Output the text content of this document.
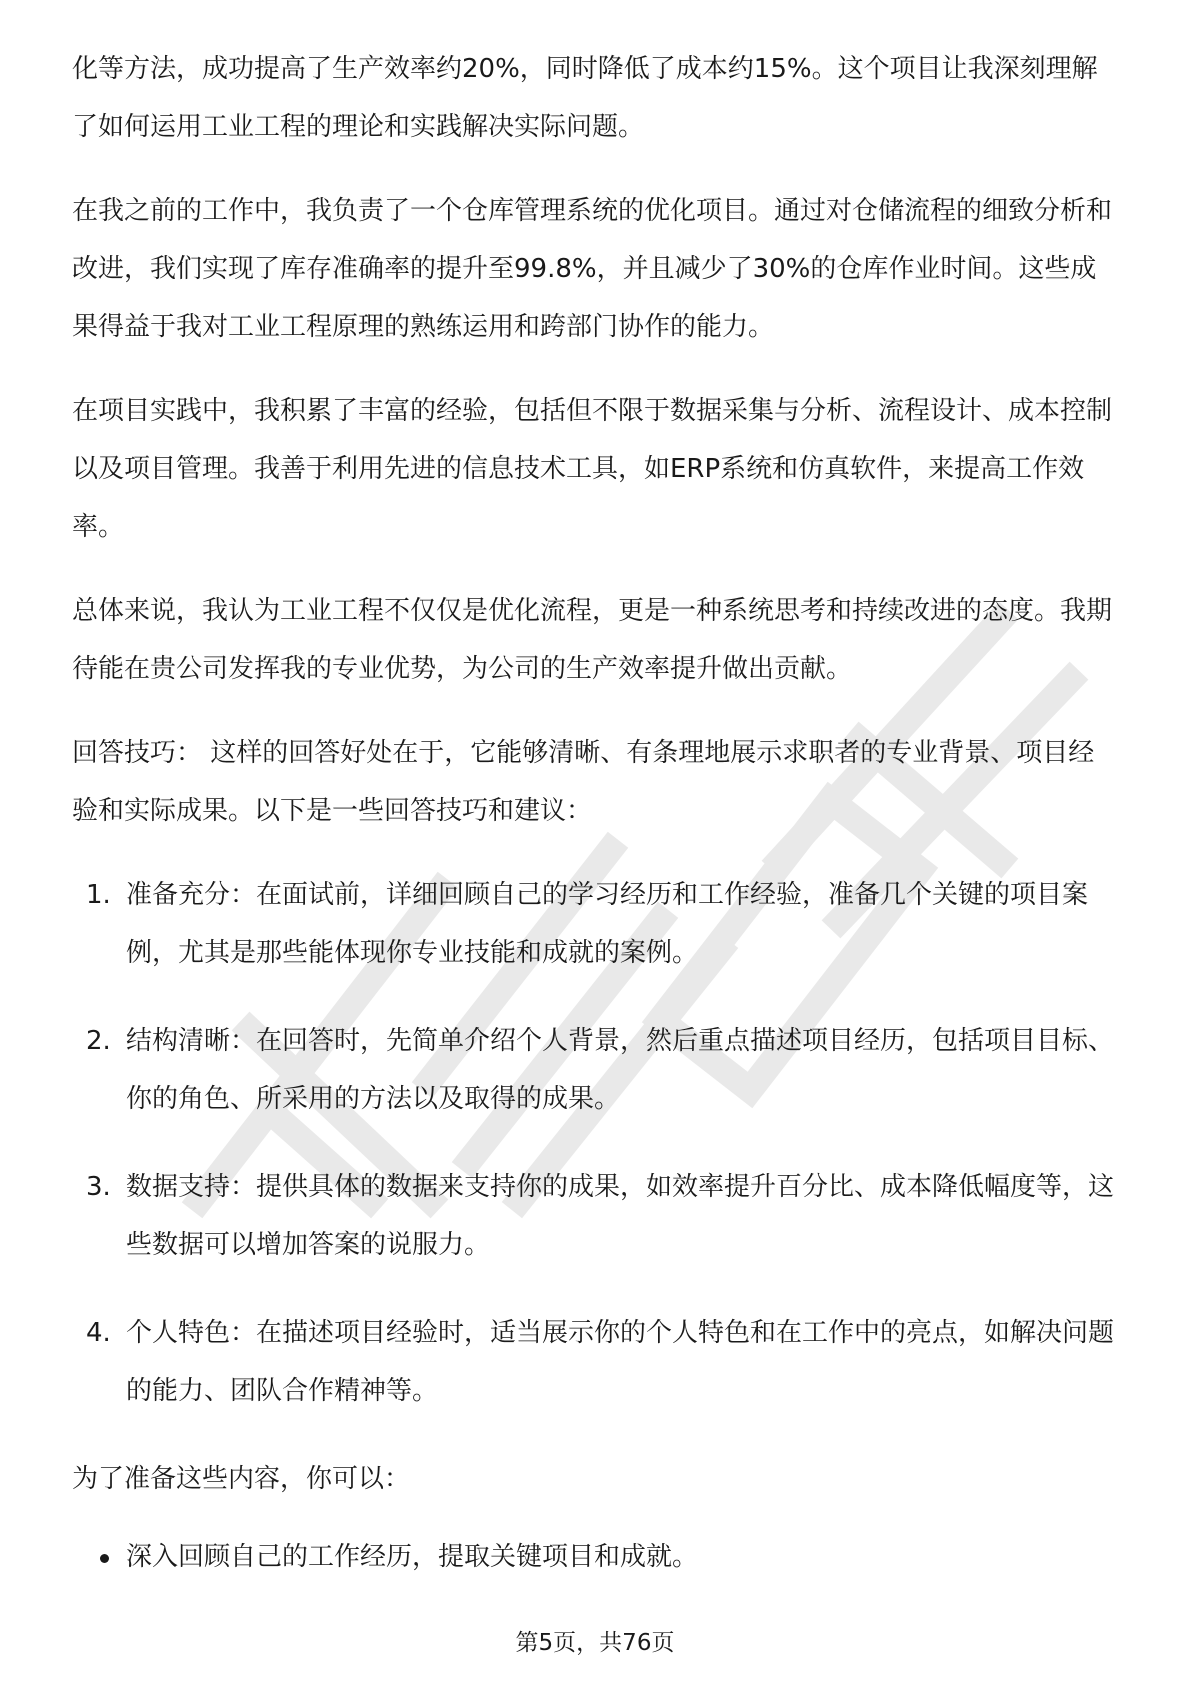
化等方法，成功提高了生产效率约20%，同时降低了成本约15%。这个项目让我深刻理解了如何运用工业工程的理论和实践解决实际问题。

在我之前的工作中，我负责了一个仓库管理系统的优化项目。通过对仓储流程的细致分析和改进，我们实现了库存准确率的提升至99.8%，并且减少了30%的仓库作业时间。这些成果得益于我对工业工程原理的熟练运用和跨部门协作的能力。

在项目实践中，我积累了丰富的经验，包括但不限于数据采集与分析、流程设计、成本控制以及项目管理。我善于利用先进的信息技术工具，如ERP系统和仿真软件，来提高工作效率。

总体来说，我认为工业工程不仅仅是优化流程，更是一种系统思考和持续改进的态度。我期待能在贵公司发挥我的专业优势，为公司的生产效率提升做出贡献。

回答技巧： 这样的回答好处在于，它能够清晰、有条理地展示求职者的专业背景、项目经验和实际成果。以下是一些回答技巧和建议：

1. 准备充分：在面试前，详细回顾自己的学习经历和工作经验，准备几个关键的项目案例，尤其是那些能体现你专业技能和成就的案例。
2. 结构清晰：在回答时，先简单介绍个人背景，然后重点描述项目经历，包括项目目标、你的角色、所采用的方法以及取得的成果。
3. 数据支持：提供具体的数据来支持你的成果，如效率提升百分比、成本降低幅度等，这些数据可以增加答案的说服力。
4. 个人特色：在描述项目经验时，适当展示你的个人特色和在工作中的亮点，如解决问题的能力、团队合作精神等。

为了准备这些内容，你可以：

深入回顾自己的工作经历，提取关键项目和成就。
第5页，共76页
